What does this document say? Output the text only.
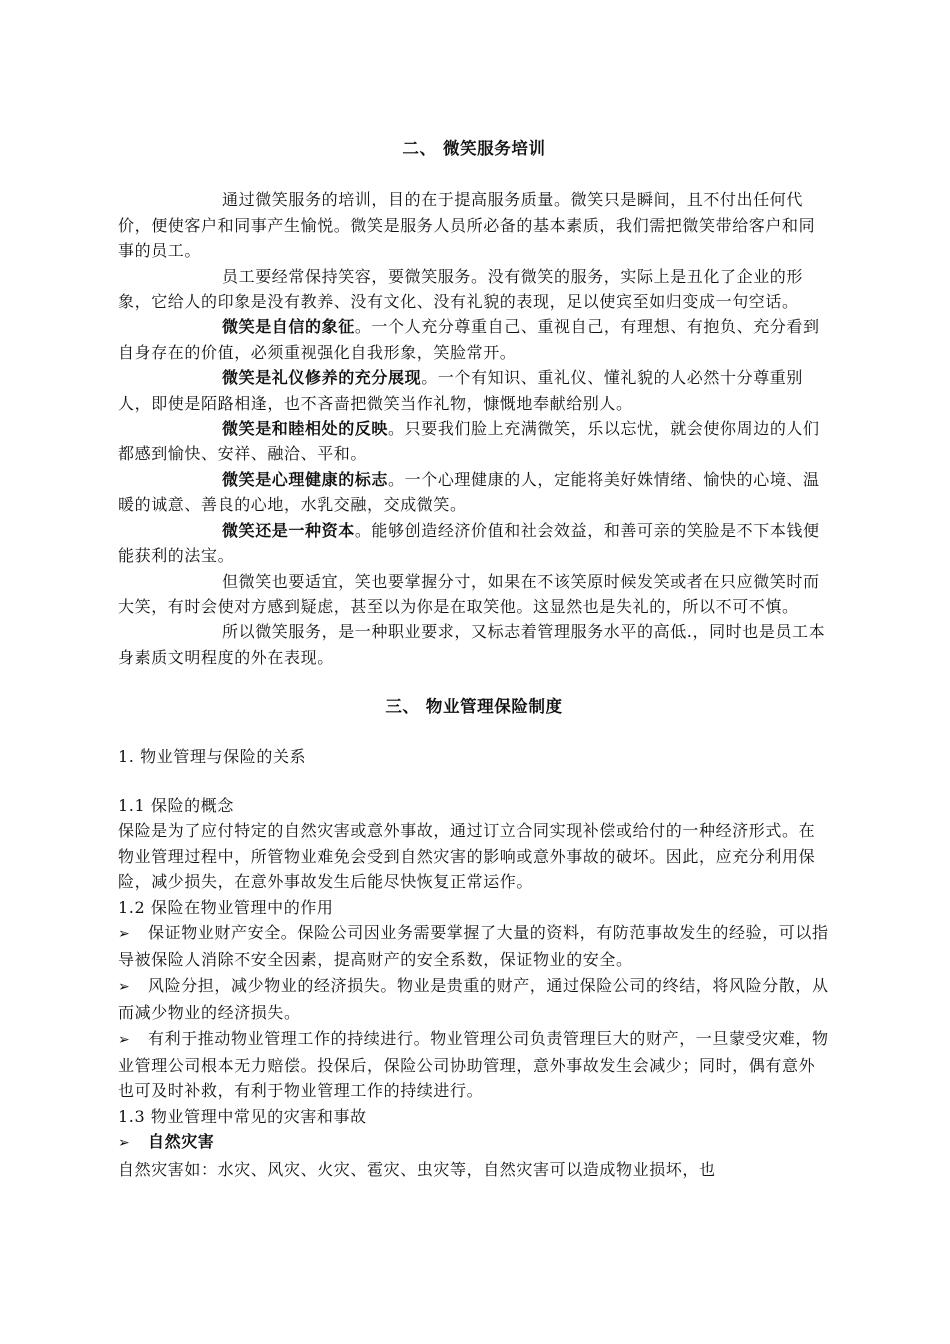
二、 微笑服务培训

通过微笑服务的培训，目的在于提高服务质量。微笑只是瞬间，且不付出任何代价，便使客户和同事产生愉悦。微笑是服务人员所必备的基本素质，我们需把微笑带给客户和同事的员工。

员工要经常保持笑容，要微笑服务。没有微笑的服务，实际上是丑化了企业的形象，它给人的印象是没有教养、没有文化、没有礼貌的表现，足以使宾至如归变成一句空话。

微笑是自信的象征。一个人充分尊重自己、重视自己，有理想、有抱负、充分看到自身存在的价值，必须重视强化自我形象，笑脸常开。

微笑是礼仪修养的充分展现。一个有知识、重礼仪、懂礼貌的人必然十分尊重别人，即使是陌路相逢，也不吝啬把微笑当作礼物，慷慨地奉献给别人。

微笑是和睦相处的反映。只要我们脸上充满微笑，乐以忘忧，就会使你周边的人们都感到愉快、安祥、融洽、平和。

微笑是心理健康的标志。一个心理健康的人，定能将美好姝情绪、愉快的心境、温暖的诚意、善良的心地，水乳交融，交成微笑。

微笑还是一种资本。能够创造经济价值和社会效益，和善可亲的笑脸是不下本钱便能获利的法宝。

但微笑也要适宜，笑也要掌握分寸，如果在不该笑原时候发笑或者在只应微笑时而大笑，有时会使对方感到疑虑，甚至以为你是在取笑他。这显然也是失礼的，所以不可不慎。

所以微笑服务，是一种职业要求，又标志着管理服务水平的高低.，同时也是员工本身素质文明程度的外在表现。

三、 物业管理保险制度

1. 物业管理与保险的关系

1.1 保险的概念

保险是为了应付特定的自然灾害或意外事故，通过订立合同实现补偿或给付的一种经济形式。在物业管理过程中，所管物业难免会受到自然灾害的影响或意外事故的破坏。因此，应充分利用保险，减少损失，在意外事故发生后能尽快恢复正常运作。

1.2 保险在物业管理中的作用

➢ 保证物业财产安全。保险公司因业务需要掌握了大量的资料，有防范事故发生的经验，可以指导被保险人消除不安全因素，提高财产的安全系数，保证物业的安全。

➢ 风险分担，减少物业的经济损失。物业是贵重的财产，通过保险公司的终结，将风险分散，从而减少物业的经济损失。

➢ 有利于推动物业管理工作的持续进行。物业管理公司负责管理巨大的财产，一旦蒙受灾难，物业管理公司根本无力赔偿。投保后，保险公司协助管理，意外事故发生会减少；同时，偶有意外也可及时补救，有利于物业管理工作的持续进行。

1.3 物业管理中常见的灾害和事故

➢ 自然灾害

自然灾害如：水灾、风灾、火灾、雹灾、虫灾等，自然灾害可以造成物业损坏，也
